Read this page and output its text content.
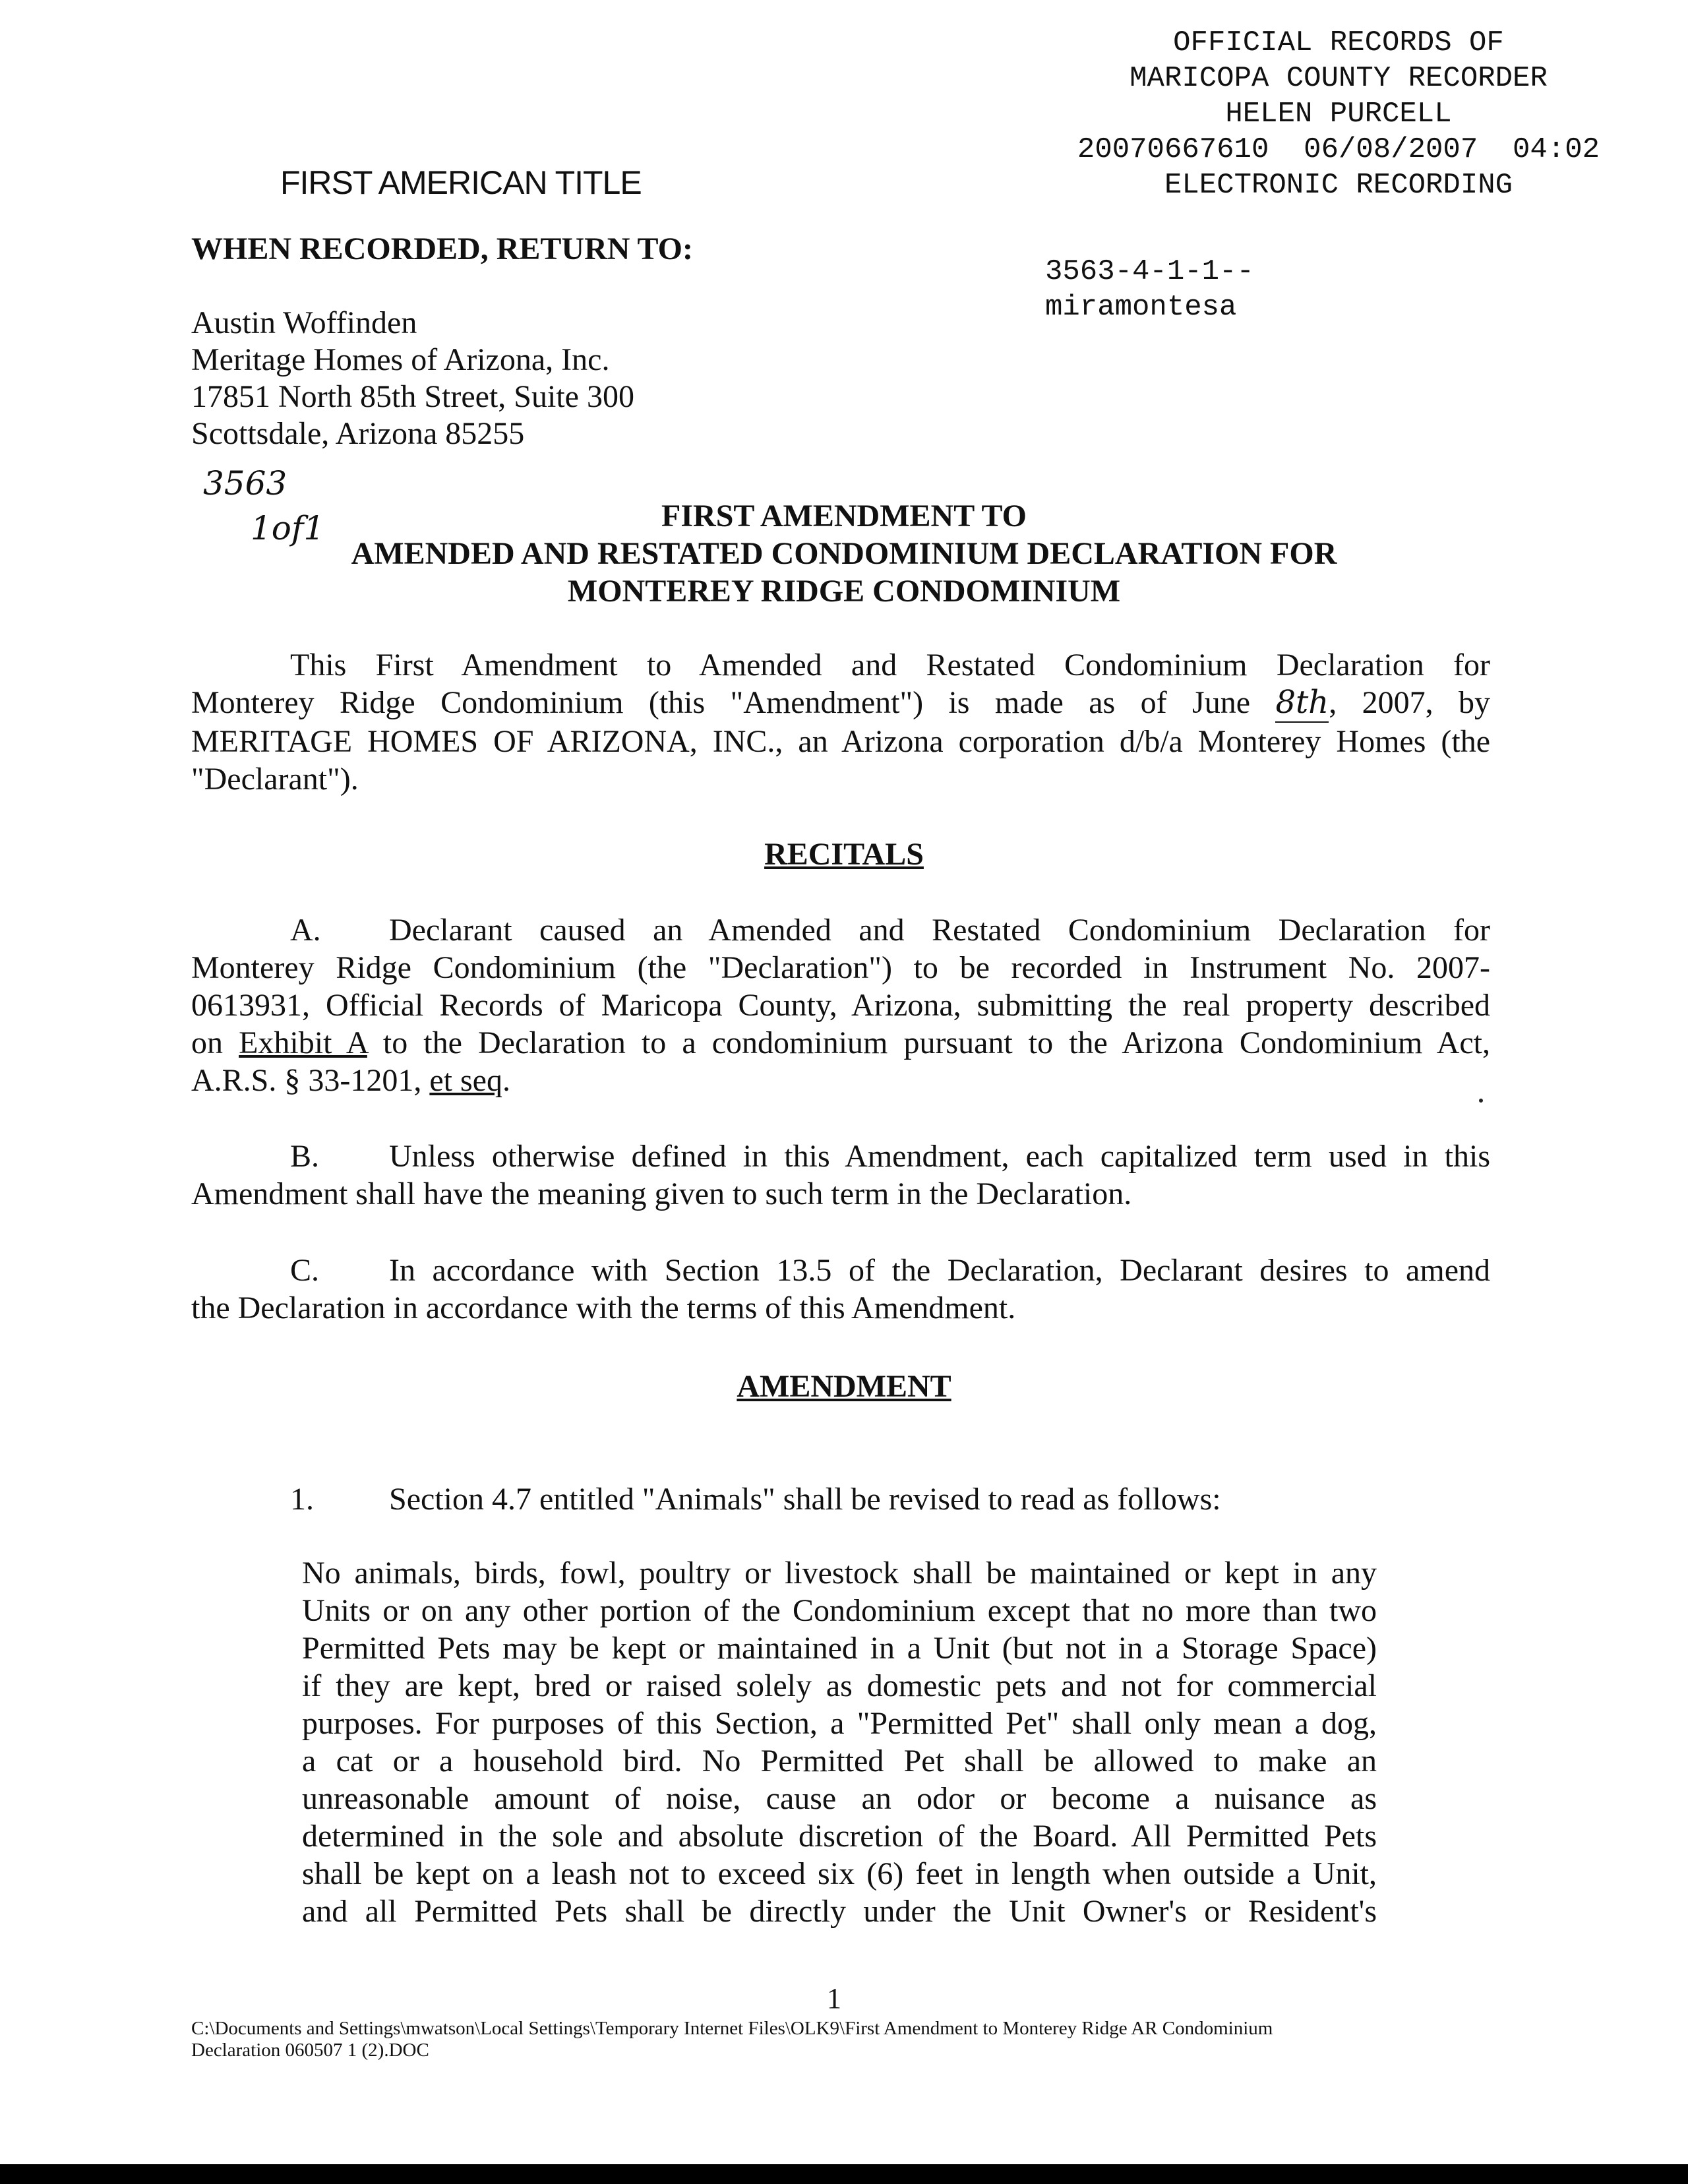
OFFICIAL RECORDS OF
MARICOPA COUNTY RECORDER
HELEN PURCELL
20070667610  06/08/2007  04:02
ELECTRONIC RECORDING
3563-4-1-1--
miramontesa
FIRST AMERICAN TITLE
WHEN RECORDED, RETURN TO:
Austin Woffinden
Meritage Homes of Arizona, Inc.
17851 North 85th Street, Suite 300
Scottsdale, Arizona 85255
3563
1of1	FIRST AMENDMENT TO
AMENDED AND RESTATED CONDOMINIUM DECLARATION FOR
MONTEREY RIDGE CONDOMINIUM
This First Amendment to Amended and Restated Condominium Declaration for
Monterey Ridge Condominium (this "Amendment") is made as of June 8th, 2007, by
MERITAGE HOMES OF ARIZONA, INC., an Arizona corporation d/b/a Monterey Homes (the
"Declarant").
RECITALS
A. Declarant caused an Amended and Restated Condominium Declaration for
Monterey Ridge Condominium (the "Declaration") to be recorded in Instrument No. 2007-
0613931, Official Records of Maricopa County, Arizona, submitting the real property described
on Exhibit A to the Declaration to a condominium pursuant to the Arizona Condominium Act,
A.R.S. § 33-1201, et seq.
B. Unless otherwise defined in this Amendment, each capitalized term used in this
Amendment shall have the meaning given to such term in the Declaration.
C. In accordance with Section 13.5 of the Declaration, Declarant desires to amend
the Declaration in accordance with the terms of this Amendment.
AMENDMENT
1. Section 4.7 entitled "Animals" shall be revised to read as follows:
No animals, birds, fowl, poultry or livestock shall be maintained or kept in any
Units or on any other portion of the Condominium except that no more than two
Permitted Pets may be kept or maintained in a Unit (but not in a Storage Space)
if they are kept, bred or raised solely as domestic pets and not for commercial
purposes. For purposes of this Section, a "Permitted Pet" shall only mean a dog,
a cat or a household bird. No Permitted Pet shall be allowed to make an
unreasonable amount of noise, cause an odor or become a nuisance as
determined in the sole and absolute discretion of the Board. All Permitted Pets
shall be kept on a leash not to exceed six (6) feet in length when outside a Unit,
and all Permitted Pets shall be directly under the Unit Owner's or Resident's
1
C:\Documents and Settings\mwatson\Local Settings\Temporary Internet Files\OLK9\First Amendment to Monterey Ridge AR Condominium
Declaration 060507 1 (2).DOC
